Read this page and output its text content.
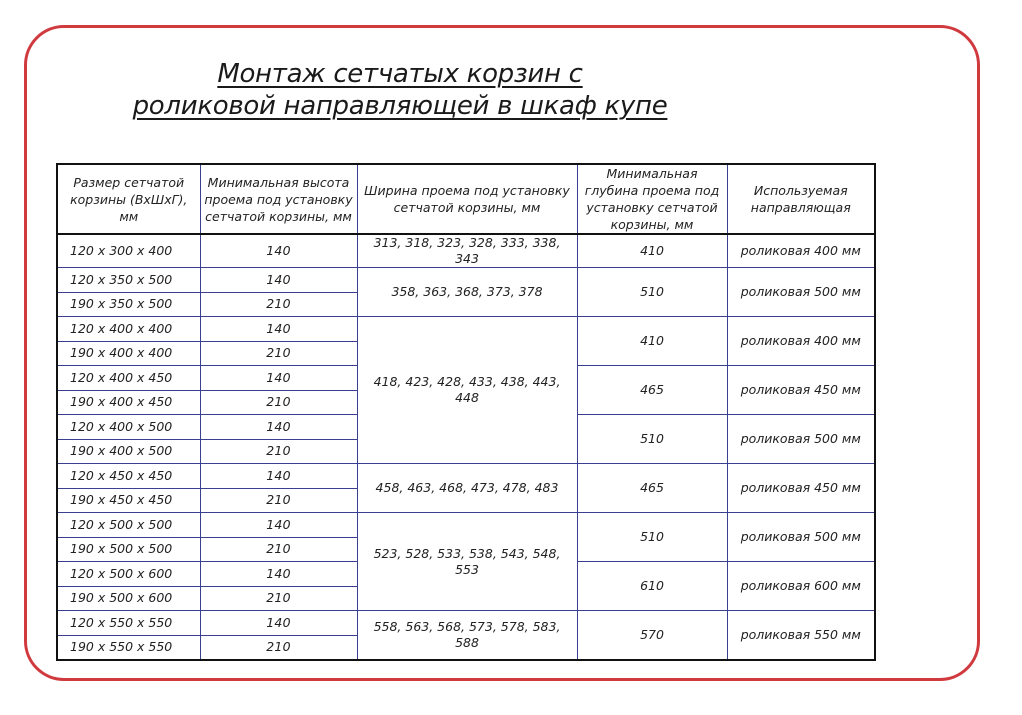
Монтаж сетчатых корзин с
роликовой направляющей в шкаф купе
Размер сетчатой корзины (ВхШхГ), мм	Минимальная высота проема под установку сетчатой корзины, мм	Ширина проема под установку сетчатой корзины, мм	Минимальная глубина проема под установку сетчатой корзины, мм	Используемая направляющая
120 x 300 x 400	140	313, 318, 323, 328, 333, 338, 343	410	роликовая 400 мм
120 x 350 x 500	140	358, 363, 368, 373, 378	510	роликовая 500 мм
190 x 350 x 500	210			
120 x 400 x 400	140	418, 423, 428, 433, 438, 443, 448	410	роликовая 400 мм
190 x 400 x 400	210			
120 x 400 x 450	140		465	роликовая 450 мм
190 x 400 x 450	210			
120 x 400 x 500	140		510	роликовая 500 мм
190 x 400 x 500	210			
120 x 450 x 450	140	458, 463, 468, 473, 478, 483	465	роликовая 450 мм
190 x 450 x 450	210			
120 x 500 x 500	140	523, 528, 533, 538, 543, 548, 553	510	роликовая 500 мм
190 x 500 x 500	210			
120 x 500 x 600	140		610	роликовая 600 мм
190 x 500 x 600	210			
120 x 550 x 550	140	558, 563, 568, 573, 578, 583, 588	570	роликовая 550 мм
190 x 550 x 550	210			
